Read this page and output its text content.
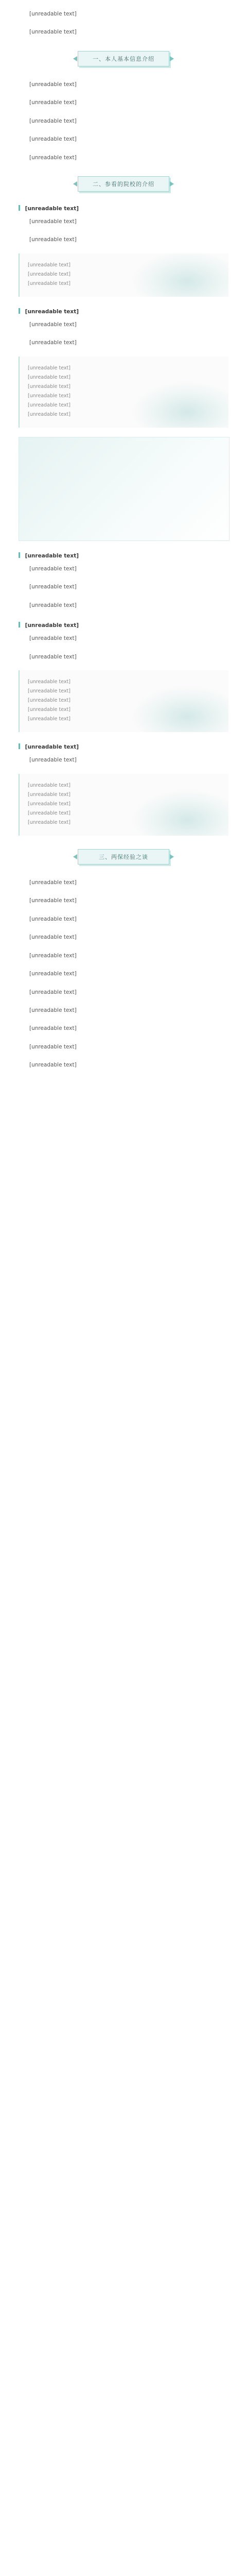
[unreadable text]

[unreadable text]

一、本人基本信息介绍

[unreadable text]

[unreadable text]

[unreadable text]

[unreadable text]

[unreadable text]

二、参看的院校的介绍
[unreadable text]

[unreadable text]

[unreadable text]

[unreadable text]
[unreadable text]
[unreadable text]
[unreadable text]

[unreadable text]

[unreadable text]

[unreadable text]
[unreadable text]
[unreadable text]
[unreadable text]
[unreadable text]
[unreadable text]
[unreadable text]

[unreadable text]

[unreadable text]

[unreadable text]

[unreadable text]

[unreadable text]

[unreadable text]

[unreadable text]
[unreadable text]
[unreadable text]
[unreadable text]
[unreadable text]
[unreadable text]

[unreadable text]

[unreadable text]
[unreadable text]
[unreadable text]
[unreadable text]
[unreadable text]
三、两保经验之谈

[unreadable text]

[unreadable text]

[unreadable text]

[unreadable text]

[unreadable text]

[unreadable text]

[unreadable text]

[unreadable text]

[unreadable text]

[unreadable text]

[unreadable text]
